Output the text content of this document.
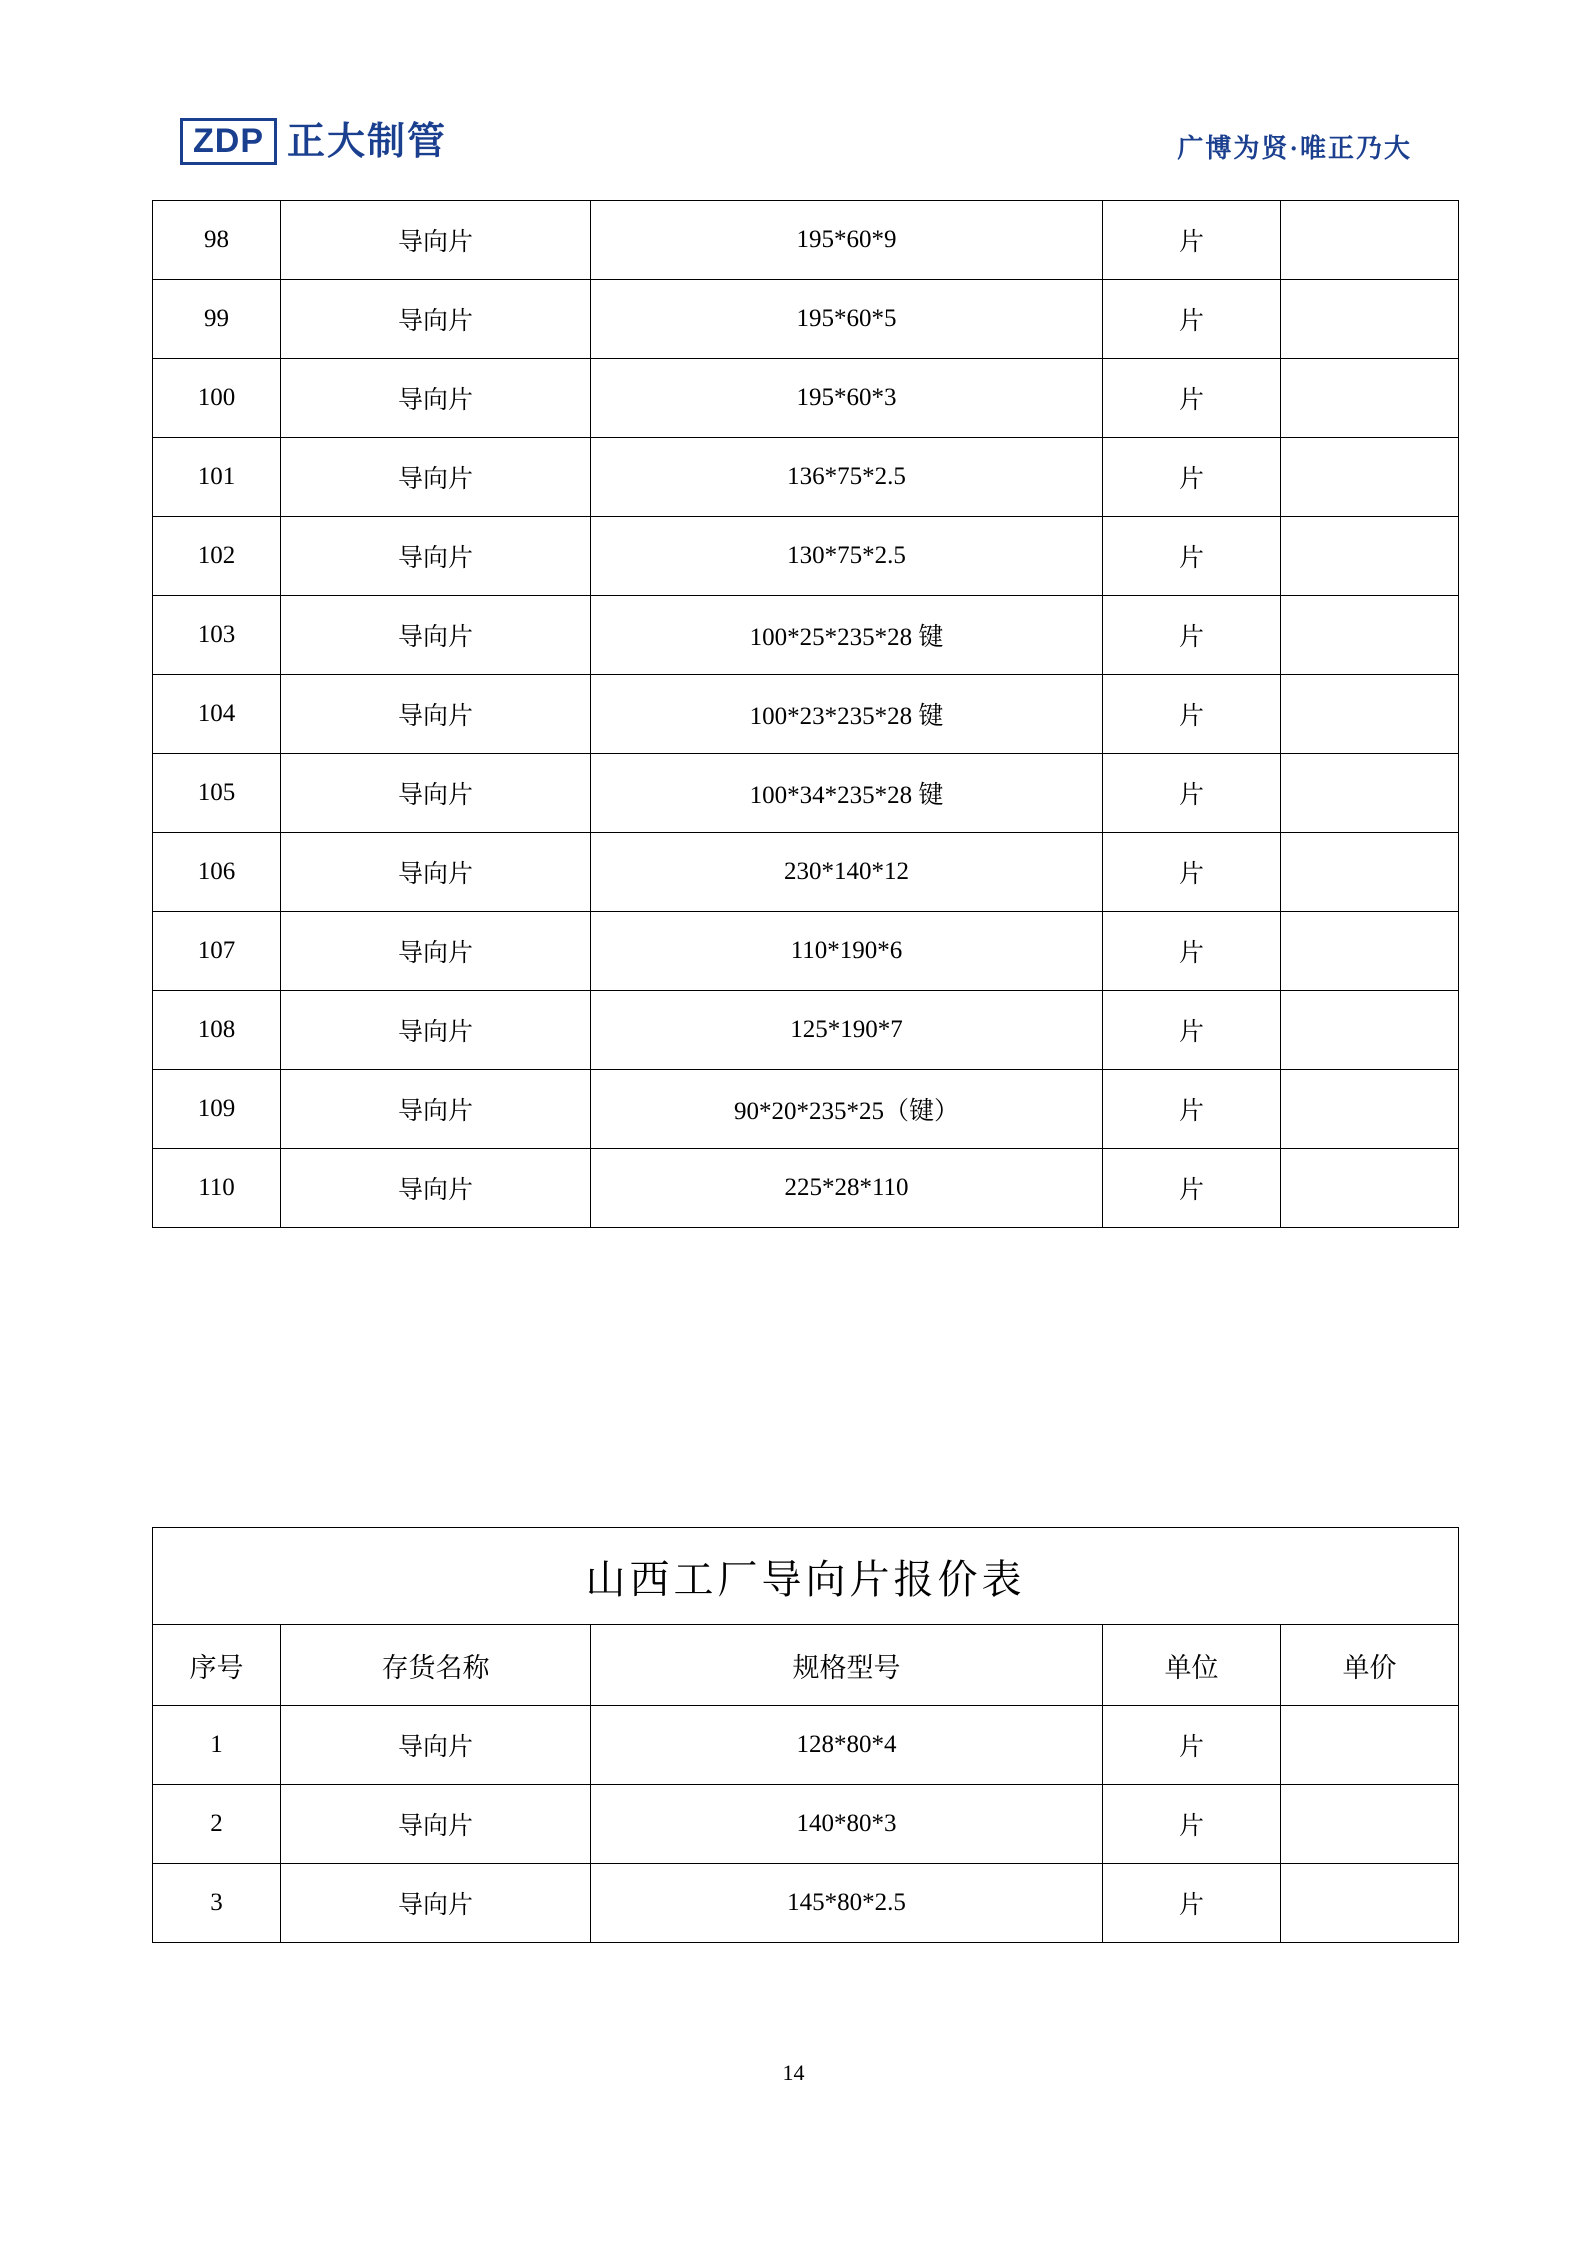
ZDP 正大制管	广博为贤·唯正乃大
98	导向片	195*60*9	片	
99	导向片	195*60*5	片	
100	导向片	195*60*3	片	
101	导向片	136*75*2.5	片	
102	导向片	130*75*2.5	片	
103	导向片	100*25*235*28 键	片	
104	导向片	100*23*235*28 键	片	
105	导向片	100*34*235*28 键	片	
106	导向片	230*140*12	片	
107	导向片	110*190*6	片	
108	导向片	125*190*7	片	
109	导向片	90*20*235*25（键）	片	
110	导向片	225*28*110	片	
山西工厂导向片报价表				
序号	存货名称	规格型号	单位	单价
1	导向片	128*80*4	片	
2	导向片	140*80*3	片	
3	导向片	145*80*2.5	片	
14
